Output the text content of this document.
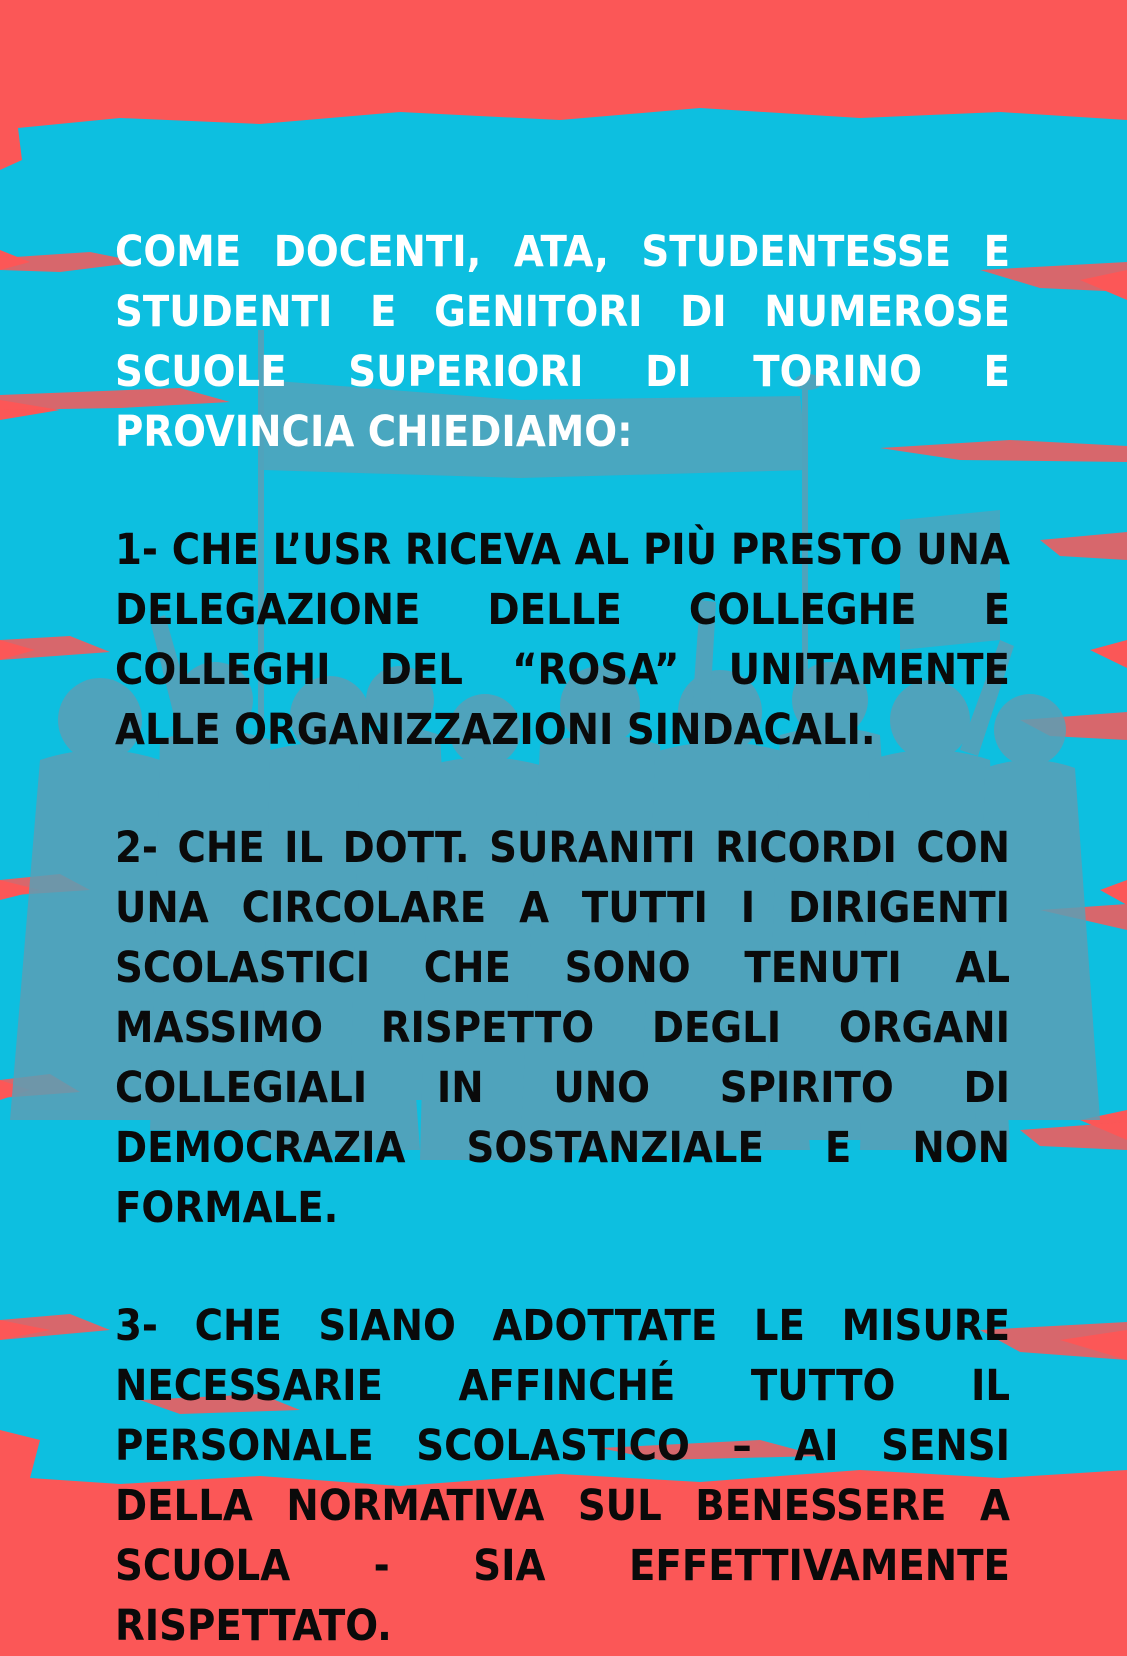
COME DOCENTI, ATA, STUDENTESSE E STUDENTI E GENITORI DI NUMEROSE SCUOLE SUPERIORI DI TORINO E PROVINCIA CHIEDIAMO:

1- CHE L’USR RICEVA AL PIÙ PRESTO UNA DELEGAZIONE DELLE COLLEGHE E COLLEGHI DEL “ROSA” UNITAMENTE ALLE ORGANIZZAZIONI SINDACALI.

2- CHE IL DOTT. SURANITI RICORDI CON UNA CIRCOLARE A TUTTI I DIRIGENTI SCOLASTICI CHE SONO TENUTI AL MASSIMO RISPETTO DEGLI ORGANI COLLEGIALI IN UNO SPIRITO DI DEMOCRAZIA SOSTANZIALE E NON FORMALE.

3- CHE SIANO ADOTTATE LE MISURE NECESSARIE AFFINCHÉ TUTTO IL PERSONALE SCOLASTICO – AI SENSI DELLA NORMATIVA SUL BENESSERE A SCUOLA - SIA EFFETTIVAMENTE RISPETTATO.
